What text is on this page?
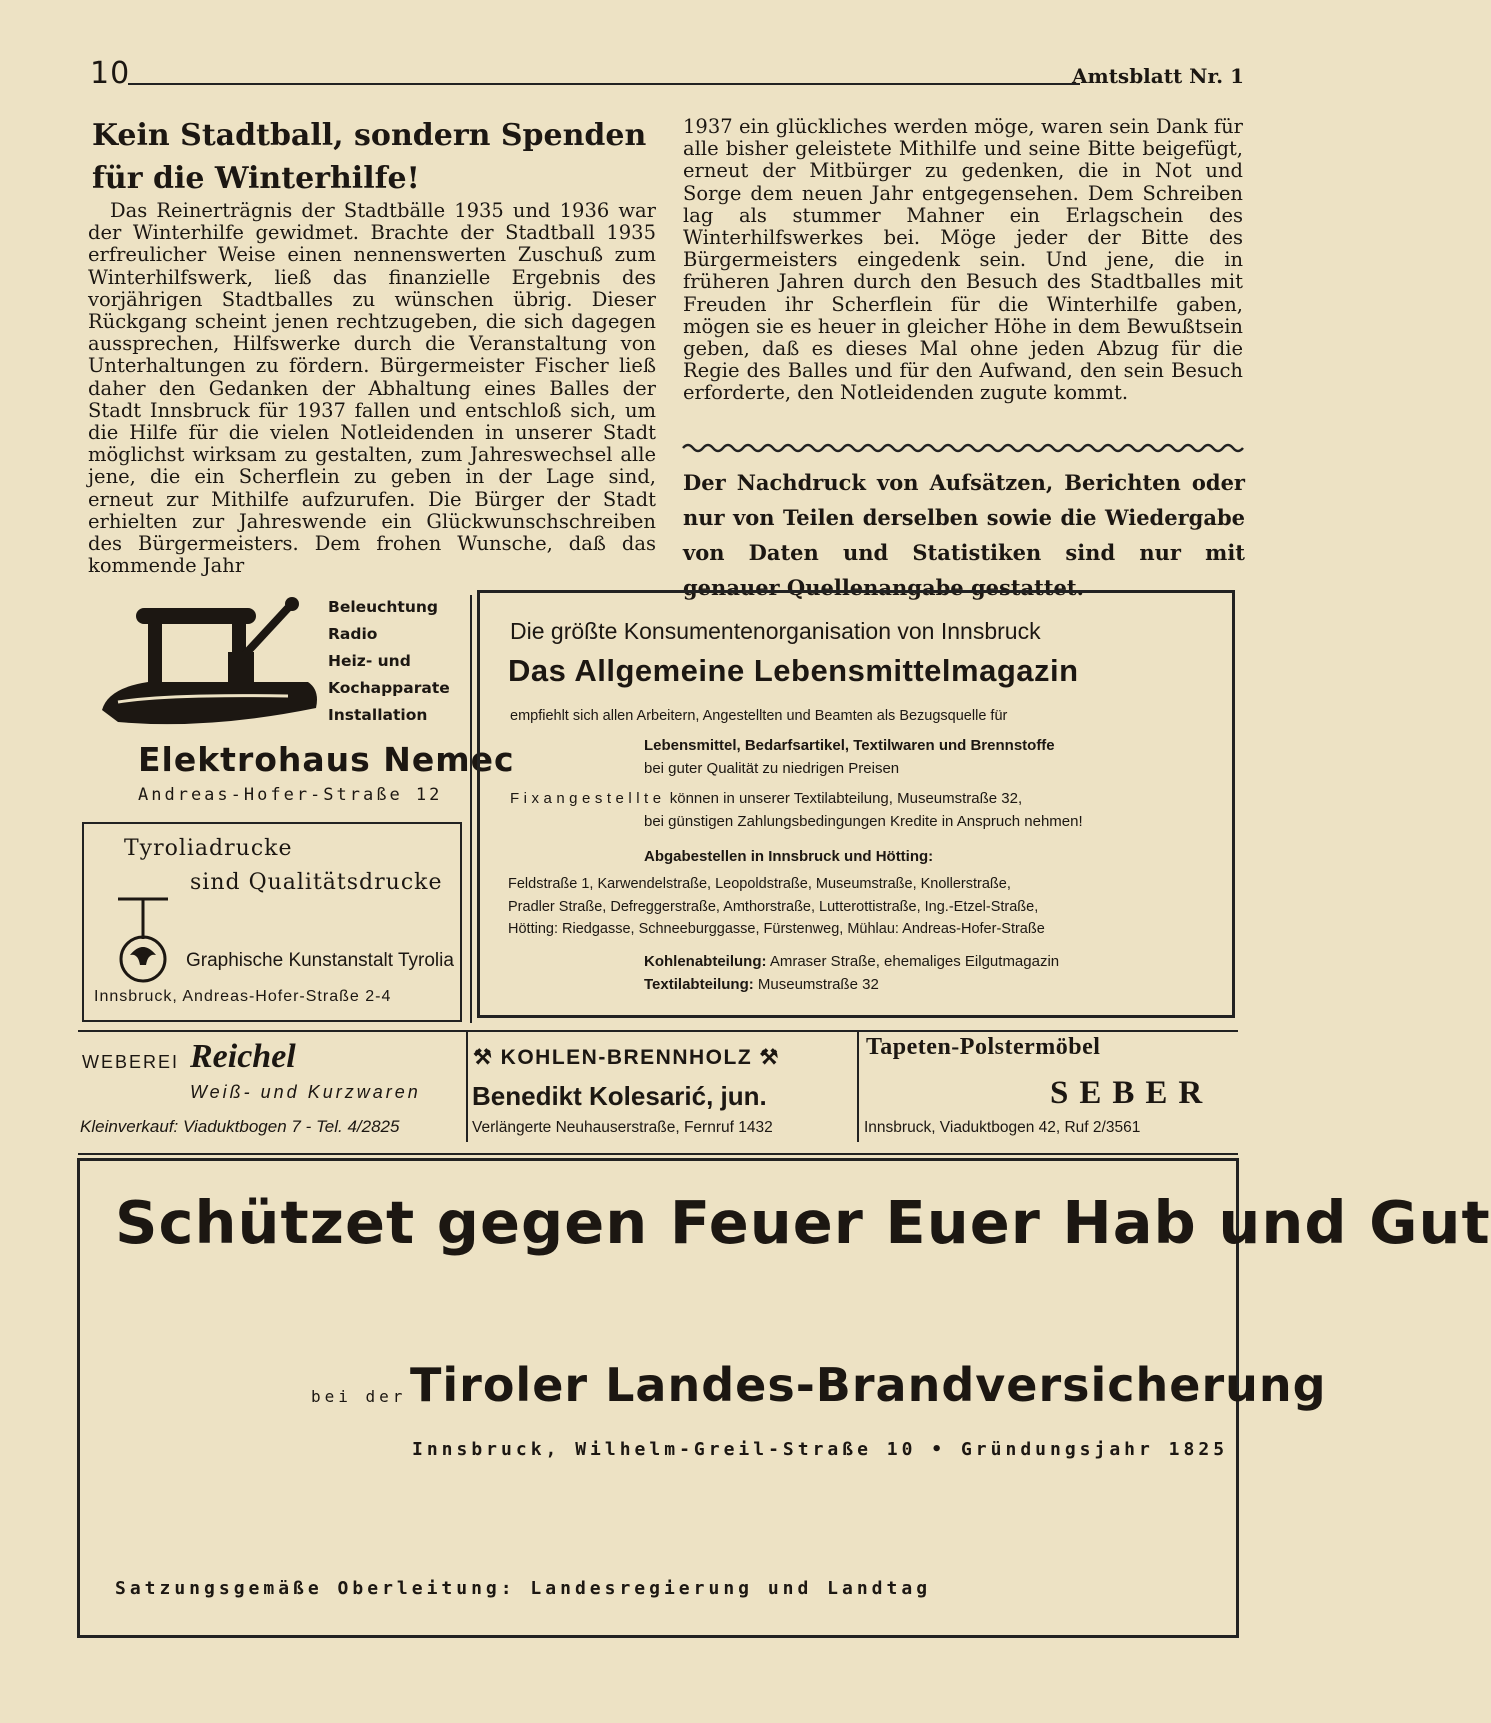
10	Amtsblatt Nr. 1
Kein Stadtball, sondern Spenden
für die Winterhilfe!
Das Reinerträgnis der Stadtbälle 1935 und 1936 war der Winterhilfe gewidmet. Brachte der Stadtball 1935 erfreulicher Weise einen nennenswerten Zuschuß zum Winterhilfswerk, ließ das finanzielle Ergebnis des vorjährigen Stadtballes zu wünschen übrig. Dieser Rückgang scheint jenen rechtzugeben, die sich dagegen aussprechen, Hilfswerke durch die Veranstaltung von Unterhaltungen zu fördern. Bürgermeister Fischer ließ daher den Gedanken der Abhaltung eines Balles der Stadt Innsbruck für 1937 fallen und entschloß sich, um die Hilfe für die vielen Notleidenden in unserer Stadt möglichst wirksam zu gestalten, zum Jahreswechsel alle jene, die ein Scherflein zu geben in der Lage sind, erneut zur Mithilfe aufzurufen. Die Bürger der Stadt erhielten zur Jahreswende ein Glückwunschschreiben des Bürgermeisters. Dem frohen Wunsche, daß das kommende Jahr
1937 ein glückliches werden möge, waren sein Dank für alle bisher geleistete Mithilfe und seine Bitte beigefügt, erneut der Mitbürger zu gedenken, die in Not und Sorge dem neuen Jahr entgegensehen. Dem Schreiben lag als stummer Mahner ein Erlagschein des Winterhilfswerkes bei. Möge jeder der Bitte des Bürgermeisters eingedenk sein. Und jene, die in früheren Jahren durch den Besuch des Stadtballes mit Freuden ihr Scherflein für die Winterhilfe gaben, mögen sie es heuer in gleicher Höhe in dem Bewußtsein geben, daß es dieses Mal ohne jeden Abzug für die Regie des Balles und für den Aufwand, den sein Besuch erforderte, den Notleidenden zugute kommt.
Der Nachdruck von Aufsätzen, Berichten oder nur von Teilen derselben sowie die Wiedergabe von Daten und Statistiken sind nur mit genauer Quellenangabe gestattet.
Beleuchtung
Radio
Heiz- und
Kochapparate
Installation
Elektrohaus Nemec
Andreas-Hofer-Straße 12
Tyroliadrucke
sind Qualitätsdrucke
Graphische Kunstanstalt Tyrolia
Innsbruck, Andreas-Hofer-Straße 2-4
Die größte Konsumentenorganisation von Innsbruck
Das Allgemeine Lebensmittelmagazin
empfiehlt sich allen Arbeitern, Angestellten und Beamten als Bezugsquelle für
Lebensmittel, Bedarfsartikel, Textilwaren und Brennstoffe
bei guter Qualität zu niedrigen Preisen
Fixangestellte können in unserer Textilabteilung, Museumstraße 32,
bei günstigen Zahlungsbedingungen Kredite in Anspruch nehmen!
Abgabestellen in Innsbruck und Hötting:
Feldstraße 1, Karwendelstraße, Leopoldstraße, Museumstraße, Knollerstraße,
Pradler Straße, Defreggerstraße, Amthorstraße, Lutterottistraße, Ing.-Etzel-Straße,
Hötting: Riedgasse, Schneeburggasse, Fürstenweg, Mühlau: Andreas-Hofer-Straße
Kohlenabteilung: Amraser Straße, ehemaliges Eilgutmagazin
Textilabteilung: Museumstraße 32
WEBEREI Reichel
Weiß- und Kurzwaren
Kleinverkauf: Viaduktbogen 7 - Tel. 4/2825
⚒ KOHLEN-BRENNHOLZ ⚒
Benedikt Kolesarić, jun.
Verlängerte Neuhauserstraße, Fernruf 1432
Tapeten-Polstermöbel
SEBER
Innsbruck, Viaduktbogen 42, Ruf 2/3561
Schützet gegen Feuer Euer Hab und Gut
bei der Tiroler Landes-Brandversicherung
Innsbruck, Wilhelm-Greil-Straße 10 • Gründungsjahr 1825
Satzungsgemäße Oberleitung: Landesregierung und Landtag
